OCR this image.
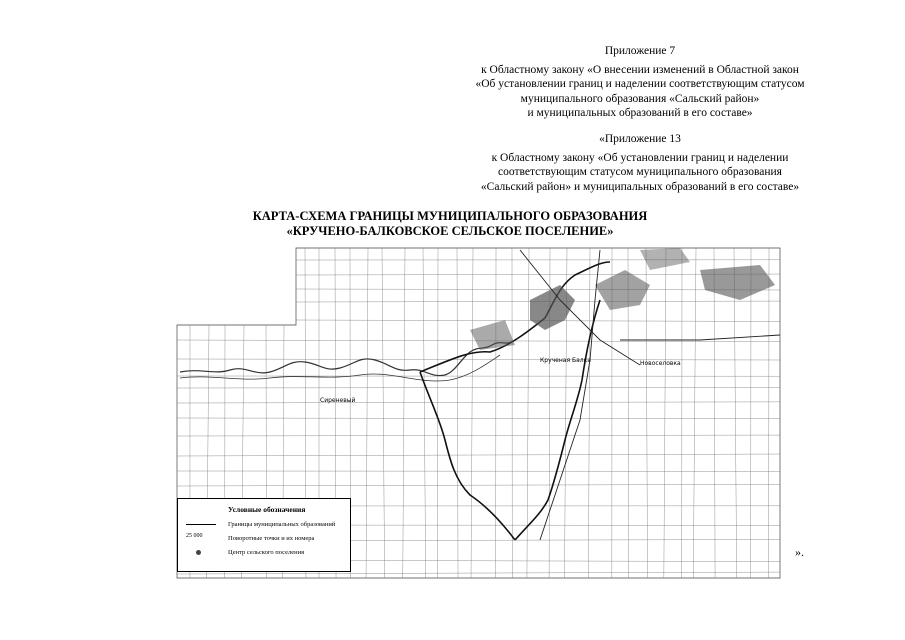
Приложение 7
к Областному закону «О внесении изменений в Областной закон
«Об установлении границ и наделении соответствующим статусом
муниципального образования «Сальский район»
и муниципальных образований в его составе»
«Приложение 13
к Областному закону «Об установлении границ и наделении
соответствующим статусом муниципального образования
«Сальский район» и муниципальных образований в его составе»
КАРТА-СХЕМА ГРАНИЦЫ МУНИЦИПАЛЬНОГО ОБРАЗОВАНИЯ
«КРУЧЕНО-БАЛКОВСКОЕ СЕЛЬСКОЕ ПОСЕЛЕНИЕ»
Крученая Балка
Сиреневый
Новоселовка
Условные обозначения
Границы муниципальных образований
25 000	Поворотные точки и их номера
Центр сельского поселения	».
